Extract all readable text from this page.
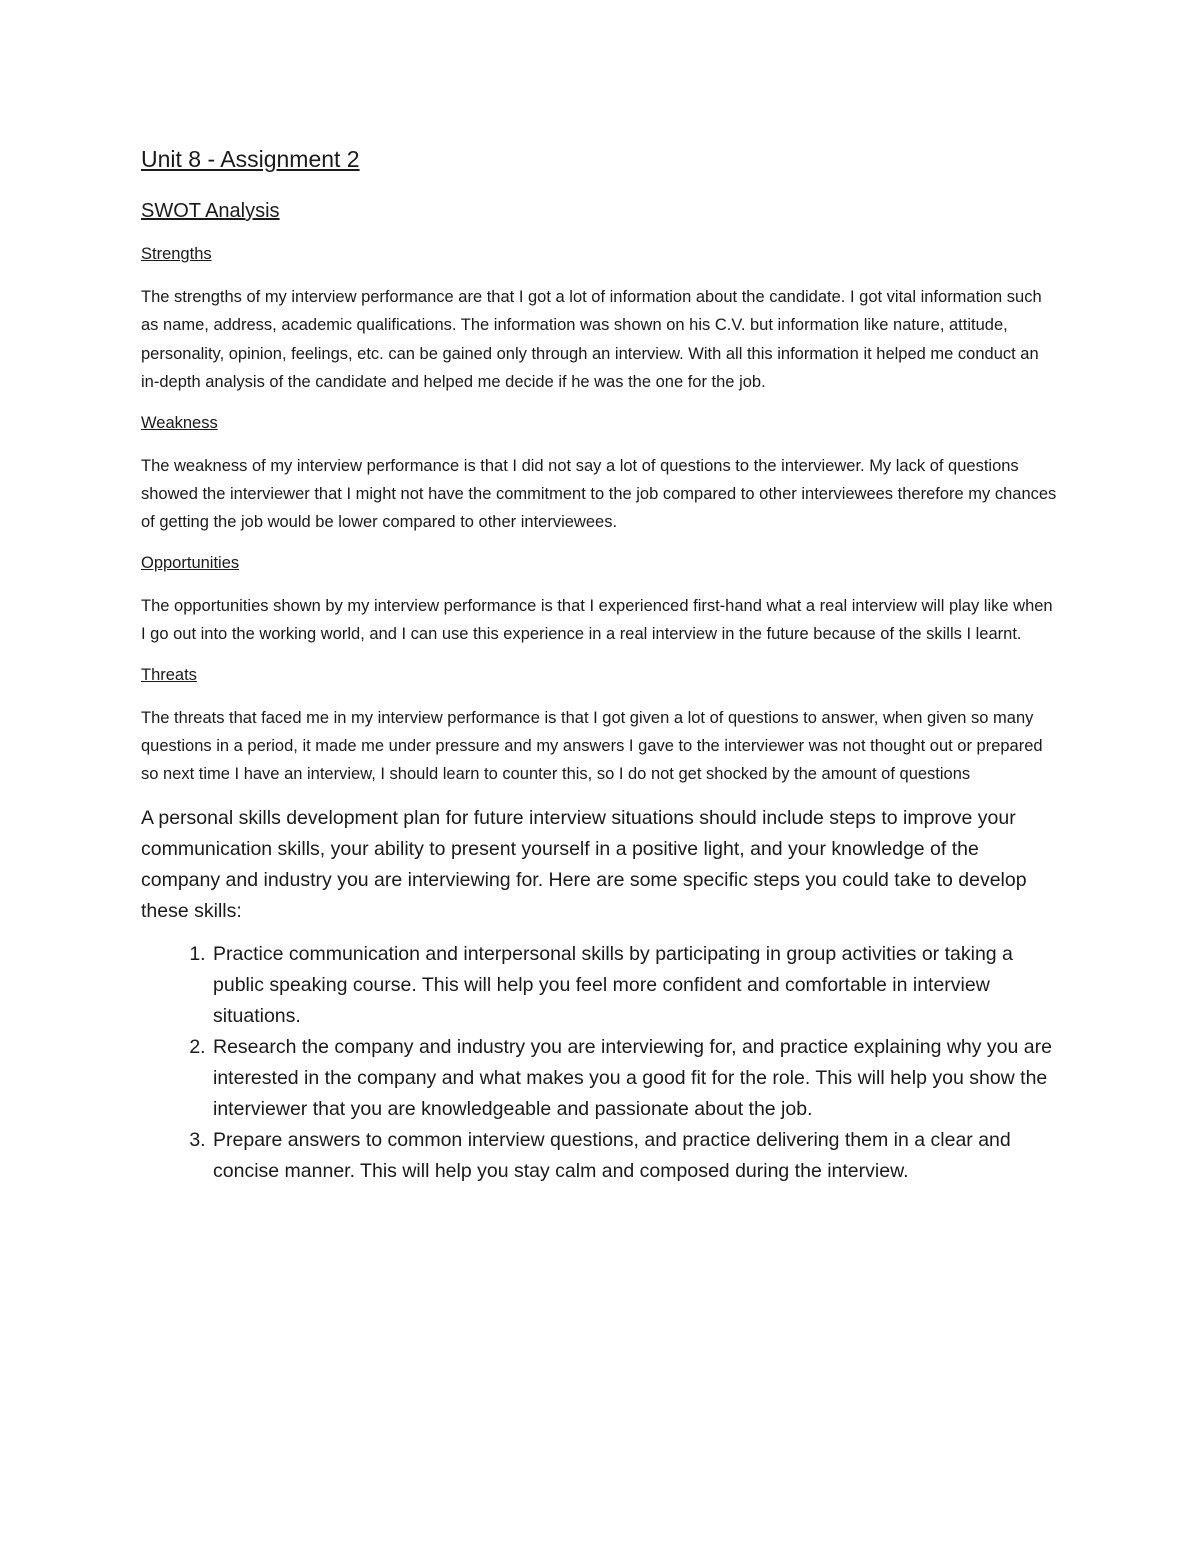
Unit 8 - Assignment 2
SWOT Analysis
Strengths

The strengths of my interview performance are that I got a lot of information about the candidate. I got vital information such as name, address, academic qualifications. The information was shown on his C.V. but information like nature, attitude, personality, opinion, feelings, etc. can be gained only through an interview. With all this information it helped me conduct an in-depth analysis of the candidate and helped me decide if he was the one for the job.

Weakness

The weakness of my interview performance is that I did not say a lot of questions to the interviewer. My lack of questions showed the interviewer that I might not have the commitment to the job compared to other interviewees therefore my chances of getting the job would be lower compared to other interviewees.

Opportunities

The opportunities shown by my interview performance is that I experienced first-hand what a real interview will play like when I go out into the working world, and I can use this experience in a real interview in the future because of the skills I learnt.

Threats

The threats that faced me in my interview performance is that I got given a lot of questions to answer, when given so many questions in a period, it made me under pressure and my answers I gave to the interviewer was not thought out or prepared so next time I have an interview, I should learn to counter this, so I do not get shocked by the amount of questions

A personal skills development plan for future interview situations should include steps to improve your communication skills, your ability to present yourself in a positive light, and your knowledge of the company and industry you are interviewing for. Here are some specific steps you could take to develop these skills:

1. Practice communication and interpersonal skills by participating in group activities or taking a public speaking course. This will help you feel more confident and comfortable in interview situations.
2. Research the company and industry you are interviewing for, and practice explaining why you are interested in the company and what makes you a good fit for the role. This will help you show the interviewer that you are knowledgeable and passionate about the job.
3. Prepare answers to common interview questions, and practice delivering them in a clear and concise manner. This will help you stay calm and composed during the interview.
